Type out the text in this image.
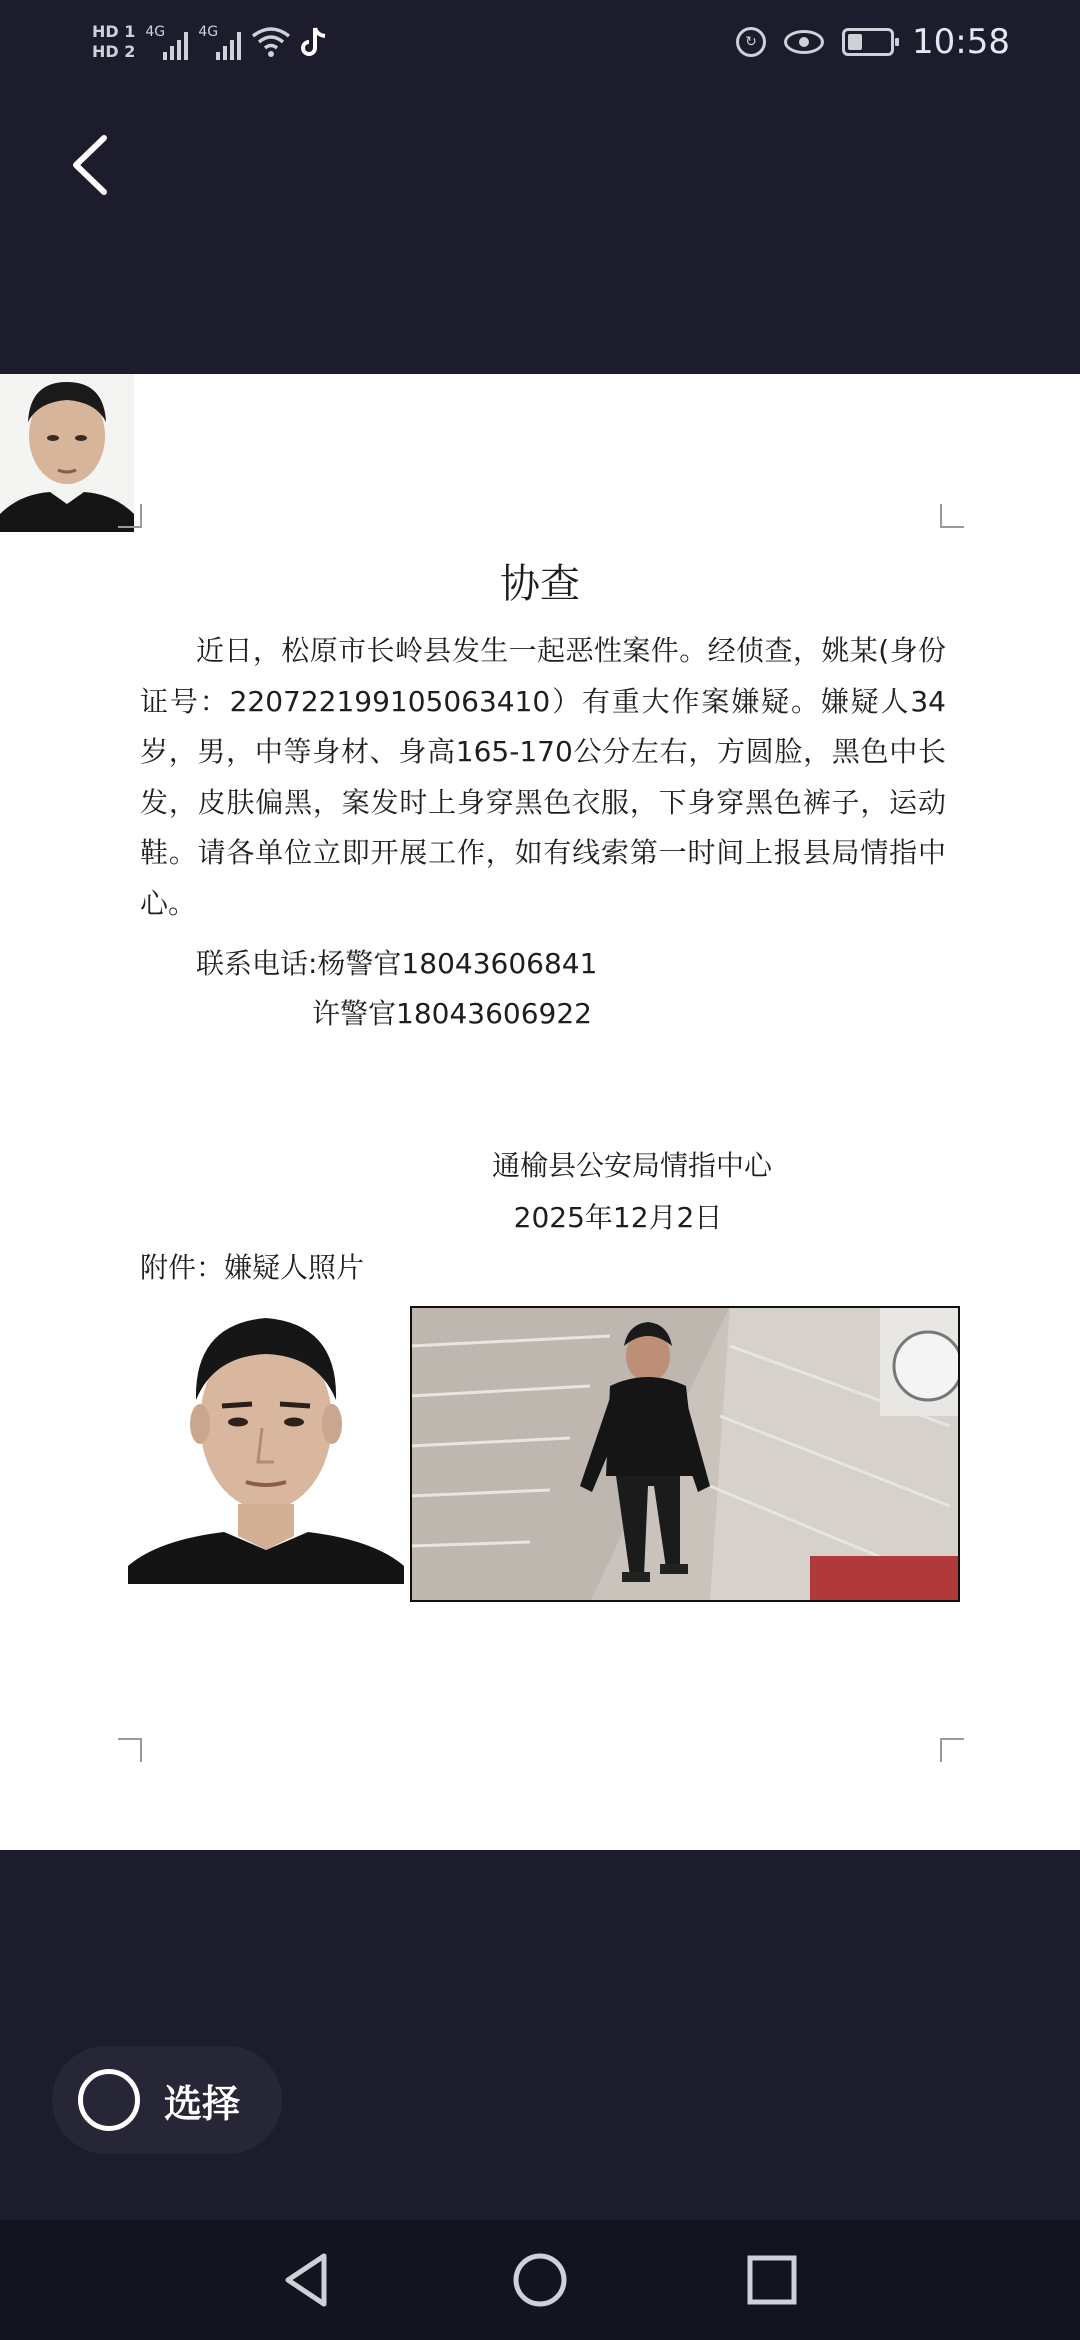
HD 1
HD 2
4G 4G
↻	10:58
协查
近日，松原市长岭县发生一起恶性案件。经侦查，姚某(身份证号：220722199105063410）有重大作案嫌疑。嫌疑人34岁，男，中等身材、身高165-170公分左右，方圆脸，黑色中长发，皮肤偏黑，案发时上身穿黑色衣服，下身穿黑色裤子，运动鞋。请各单位立即开展工作，如有线索第一时间上报县局情指中心。
联系电话:杨警官18043606841
许警官18043606922
通榆县公安局情指中心
2025年12月2日
附件：嫌疑人照片
选择
